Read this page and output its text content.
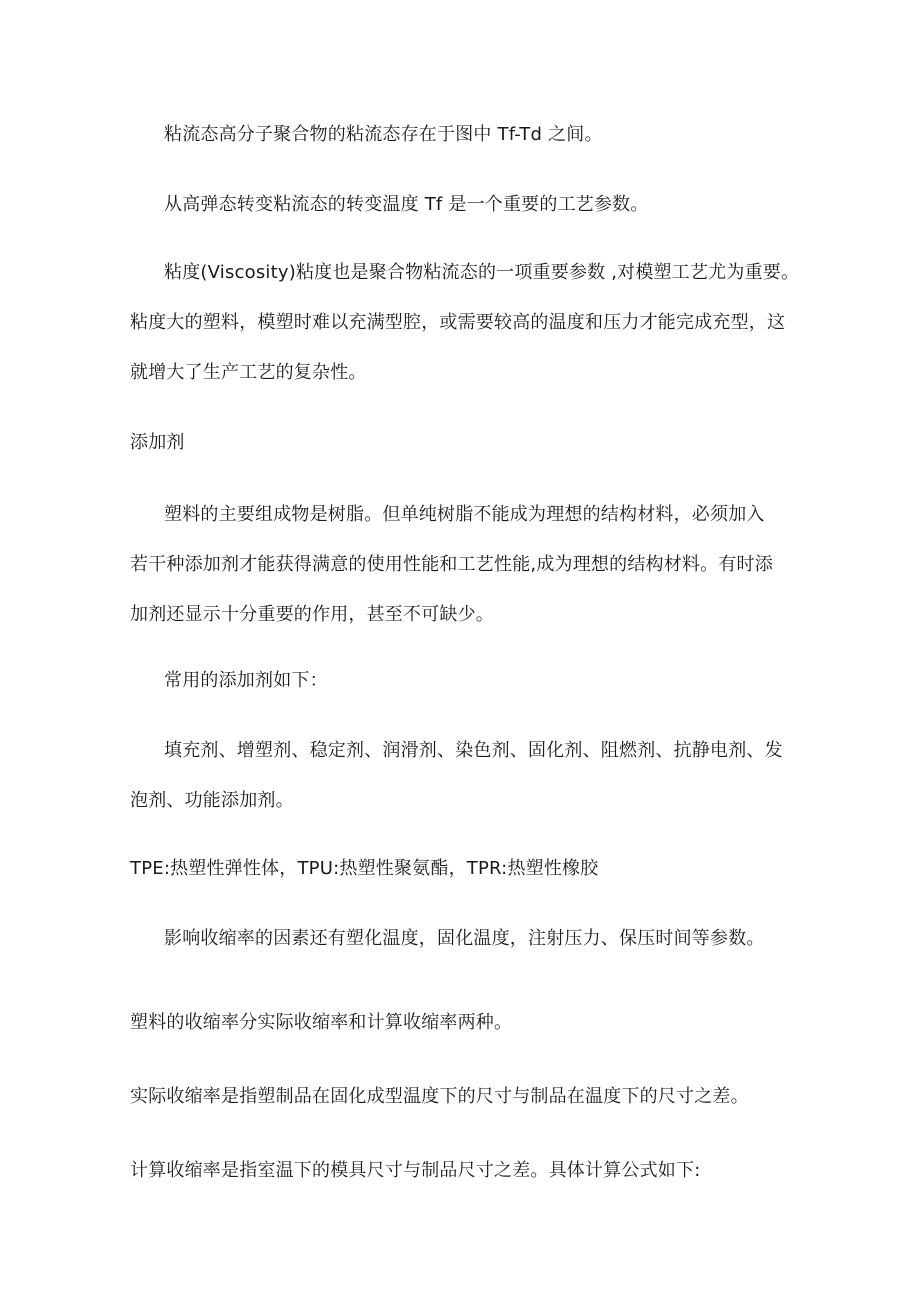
粘流态高分子聚合物的粘流态存在于图中 Tf-Td 之间。

从高弹态转变粘流态的转变温度 Tf 是一个重要的工艺参数。

粘度(Viscosity)粘度也是聚合物粘流态的一项重要参数 ,对模塑工艺尤为重要。
粘度大的塑料，模塑时难以充满型腔，或需要较高的温度和压力才能完成充型，这
就增大了生产工艺的复杂性。

添加剂

塑料的主要组成物是树脂。但单纯树脂不能成为理想的结构材料，必须加入
若干种添加剂才能获得满意的使用性能和工艺性能,成为理想的结构材料。有时添
加剂还显示十分重要的作用，甚至不可缺少。

常用的添加剂如下：

填充剂、增塑剂、稳定剂、润滑剂、染色剂、固化剂、阻燃剂、抗静电剂、发
泡剂、功能添加剂。

TPE:热塑性弹性体，TPU:热塑性聚氨酯，TPR:热塑性橡胶

影响收缩率的因素还有塑化温度，固化温度，注射压力、保压时间等参数。

塑料的收缩率分实际收缩率和计算收缩率两种。

实际收缩率是指塑制品在固化成型温度下的尺寸与制品在温度下的尺寸之差。

计算收缩率是指室温下的模具尺寸与制品尺寸之差。具体计算公式如下:
